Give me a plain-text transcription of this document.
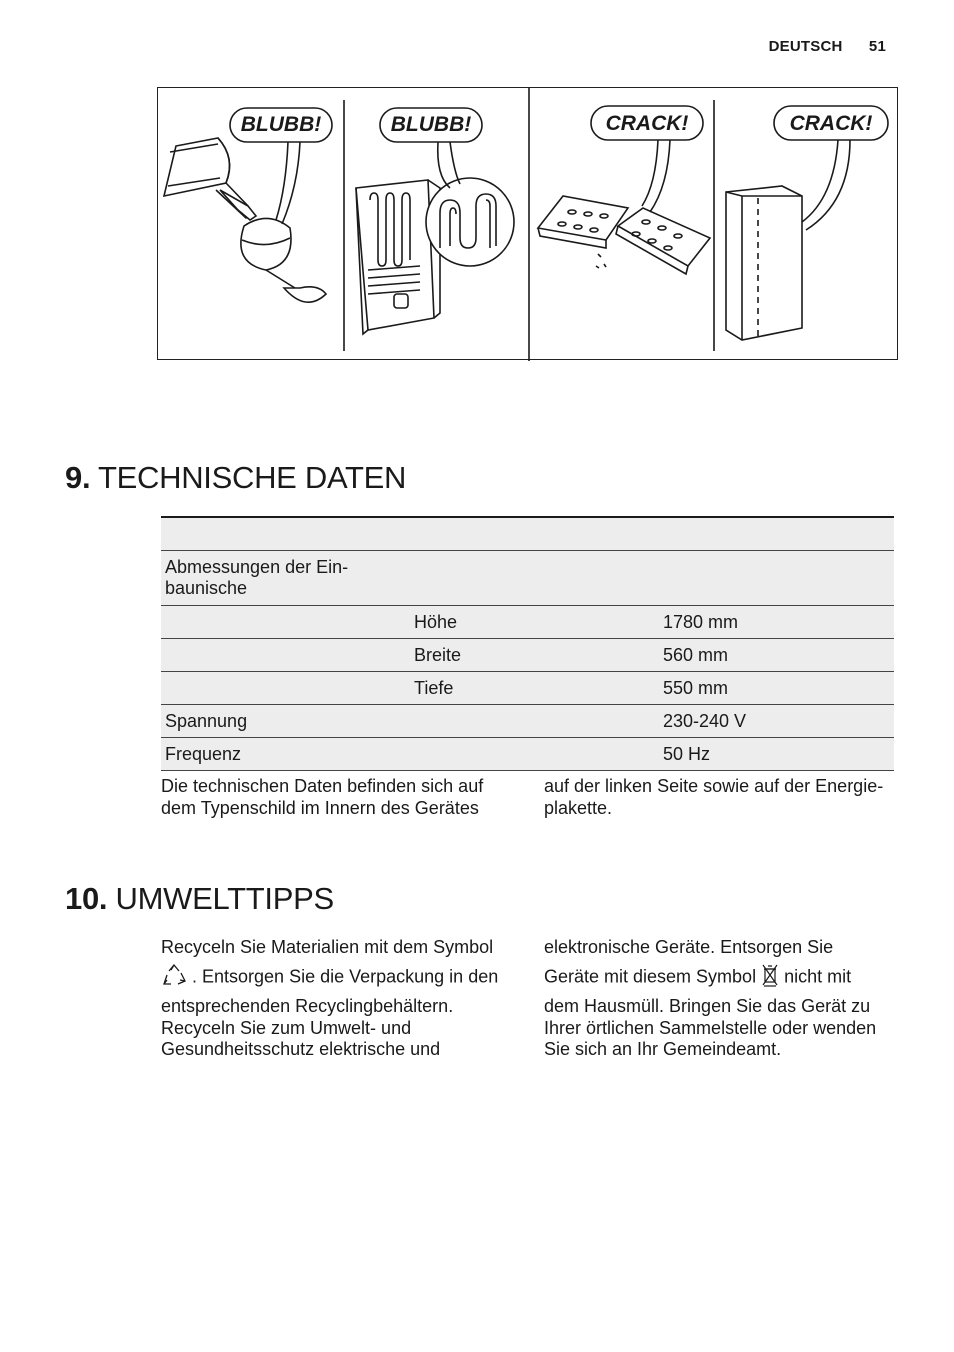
DEUTSCH 51
BLUBB!	BLUBB!	CRACK!	CRACK!
9. TECHNISCHE DATEN

Abmessungen der Ein- baunische		
	Höhe	1780 mm
	Breite	560 mm
	Tiefe	550 mm
Spannung		230-240 V
Frequenz		50 Hz
Die technischen Daten befinden sich auf dem Typenschild im Innern des Gerätes
auf der linken Seite sowie auf der Energie- plakette.
10. UMWELTTIPPS
Recyceln Sie Materialien mit dem Symbol
. Entsorgen Sie die Verpackung in den
entsprechenden Recyclingbehältern. Recyceln Sie zum Umwelt- und Gesundheitsschutz elektrische und
elektronische Geräte. Entsorgen Sie
Geräte mit diesem Symbol nicht mit
dem Hausmüll. Bringen Sie das Gerät zu Ihrer örtlichen Sammelstelle oder wenden Sie sich an Ihr Gemeindeamt.
